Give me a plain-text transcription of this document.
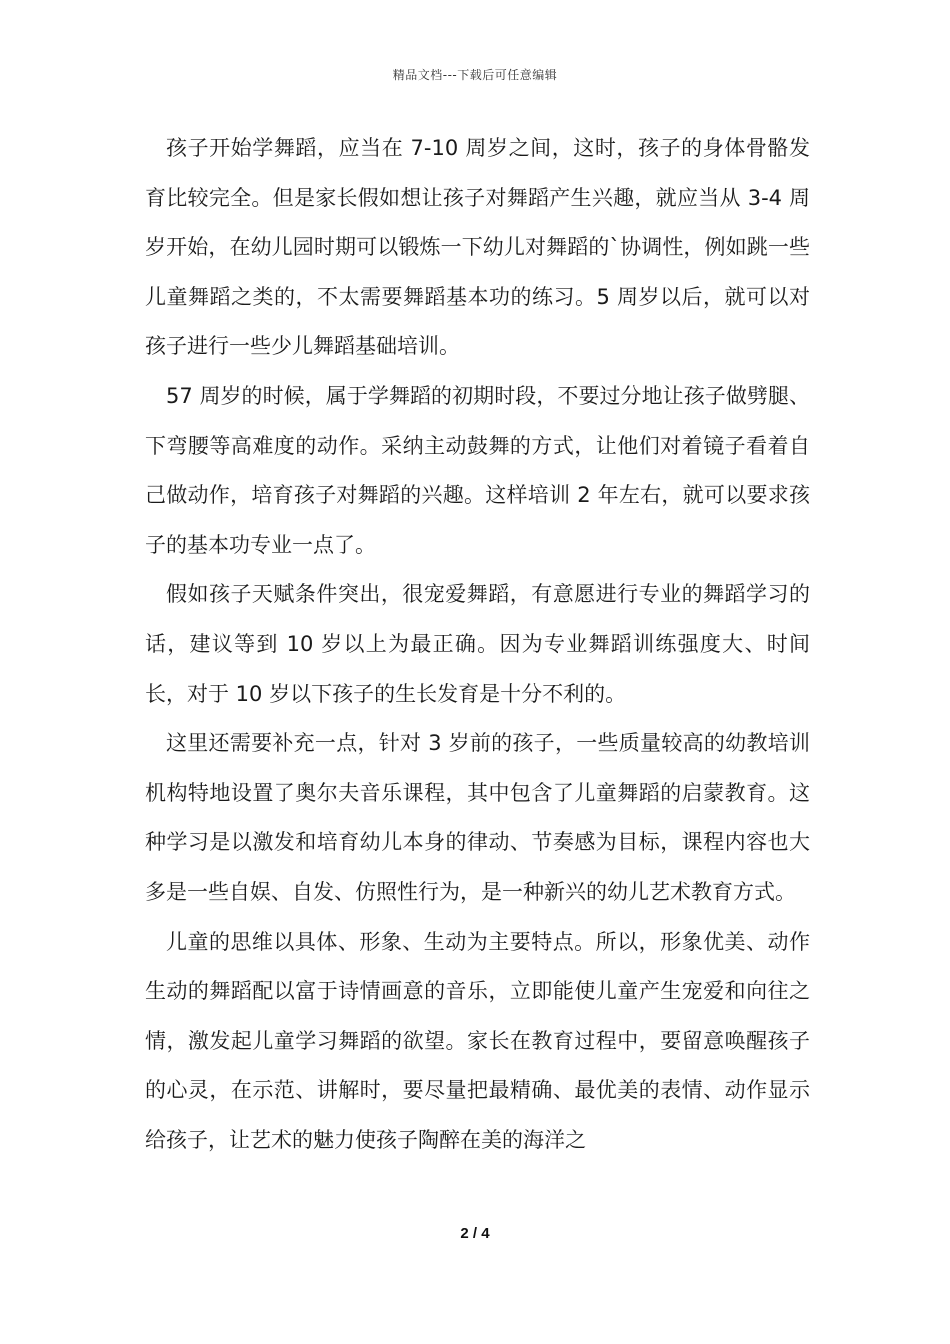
精品文档---下载后可任意编辑

孩子开始学舞蹈，应当在 7-10 周岁之间，这时，孩子的身体骨骼发育比较完全。但是家长假如想让孩子对舞蹈产生兴趣，就应当从 3-4 周岁开始，在幼儿园时期可以锻炼一下幼儿对舞蹈的`协调性，例如跳一些儿童舞蹈之类的，不太需要舞蹈基本功的练习。5 周岁以后，就可以对孩子进行一些少儿舞蹈基础培训。

57 周岁的时候，属于学舞蹈的初期时段，不要过分地让孩子做劈腿、下弯腰等高难度的动作。采纳主动鼓舞的方式，让他们对着镜子看着自己做动作，培育孩子对舞蹈的兴趣。这样培训 2 年左右，就可以要求孩子的基本功专业一点了。

假如孩子天赋条件突出，很宠爱舞蹈，有意愿进行专业的舞蹈学习的话，建议等到 10 岁以上为最正确。因为专业舞蹈训练强度大、时间长，对于 10 岁以下孩子的生长发育是十分不利的。

这里还需要补充一点，针对 3 岁前的孩子，一些质量较高的幼教培训机构特地设置了奥尔夫音乐课程，其中包含了儿童舞蹈的启蒙教育。这种学习是以激发和培育幼儿本身的律动、节奏感为目标，课程内容也大多是一些自娱、自发、仿照性行为，是一种新兴的幼儿艺术教育方式。

儿童的思维以具体、形象、生动为主要特点。所以，形象优美、动作生动的舞蹈配以富于诗情画意的音乐，立即能使儿童产生宠爱和向往之情，激发起儿童学习舞蹈的欲望。家长在教育过程中，要留意唤醒孩子的心灵，在示范、讲解时，要尽量把最精确、最优美的表情、动作显示给孩子，让艺术的魅力使孩子陶醉在美的海洋之

2 / 4
